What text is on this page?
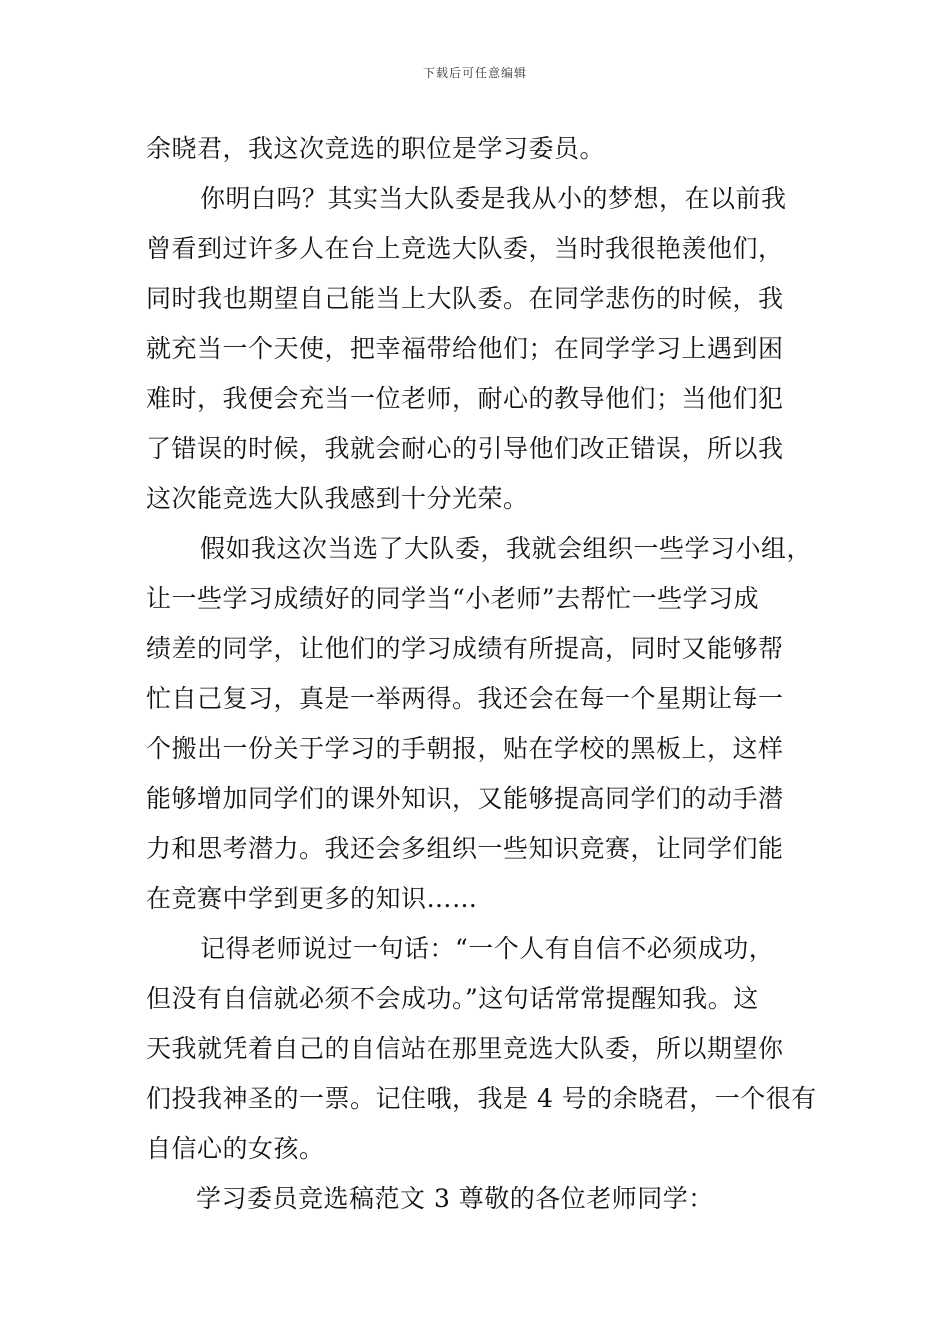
下载后可任意编辑
余晓君，我这次竞选的职位是学习委员。
你明白吗？其实当大队委是我从小的梦想，在以前我
曾看到过许多人在台上竞选大队委，当时我很艳羡他们，
同时我也期望自己能当上大队委。在同学悲伤的时候，我
就充当一个天使，把幸福带给他们；在同学学习上遇到困
难时，我便会充当一位老师，耐心的教导他们；当他们犯
了错误的时候，我就会耐心的引导他们改正错误，所以我
这次能竞选大队我感到十分光荣。
假如我这次当选了大队委，我就会组织一些学习小组，
让一些学习成绩好的同学当“小老师”去帮忙一些学习成
绩差的同学，让他们的学习成绩有所提高，同时又能够帮
忙自己复习，真是一举两得。我还会在每一个星期让每一
个搬出一份关于学习的手朝报，贴在学校的黑板上，这样
能够增加同学们的课外知识，又能够提高同学们的动手潜
力和思考潜力。我还会多组织一些知识竞赛，让同学们能
在竞赛中学到更多的知识……
记得老师说过一句话：“一个人有自信不必须成功，
但没有自信就必须不会成功。”这句话常常提醒知我。这
天我就凭着自己的自信站在那里竞选大队委，所以期望你
们投我神圣的一票。记住哦，我是 4 号的余晓君，一个很有
自信心的女孩。
学习委员竞选稿范文 3 尊敬的各位老师同学：
